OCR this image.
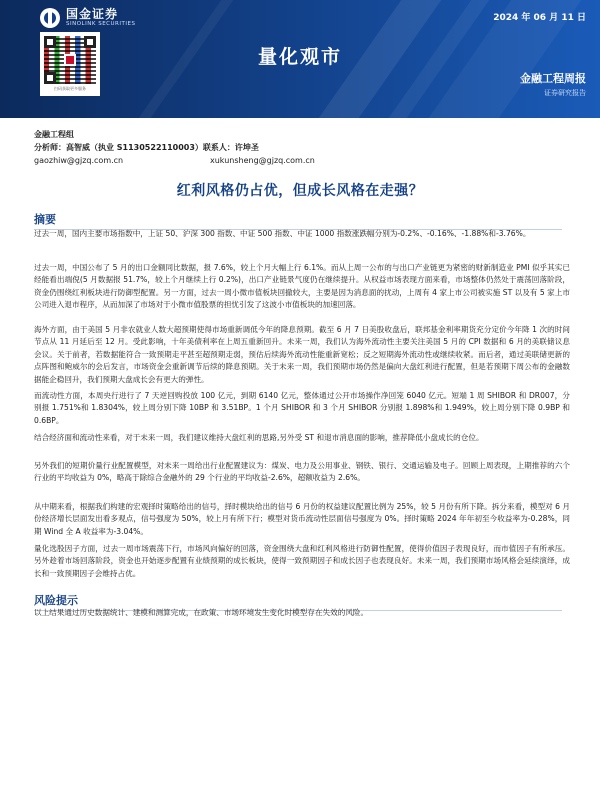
国金证券
SINOLINK SECURITIES
2024 年 06 月 11 日
扫码获取更多服务
量化观市
金融工程周报
证券研究报告
金融工程组
分析师： 高智威（执业 S1130522110003） 联系人： 许坤圣
gaozhiw@gjzq.com.cn	xukunsheng@gjzq.com.cn
红利风格仍占优，但成长风格在走强？
摘要

过去一周，国内主要市场指数中，上证 50、沪深 300 指数、中证 500 指数、中证 1000 指数涨跌幅分别为-0.2%、-0.16%、-1.88%和-3.76%。

过去一周，中国公布了 5 月的出口金额同比数据，报 7.6%，较上个月大幅上行 6.1%。而从上周一公布的与出口产业链更为紧密的财新制造业 PMI 似乎其实已经能看出端倪(5 月数据报 51.7%，较上个月继续上行 0.2%)，出口产业链景气度仍在继续提升。从权益市场表现方面来看，市场整体仍然处于震荡回落阶段，资金仍围绕红利板块进行防御型配置。另一方面，过去一周小微市值板块回撤较大，主要是因为消息面的扰动，上周有 4 家上市公司被实施 ST 以及有 5 家上市公司进入退市程序，从而加深了市场对于小微市值股票的担忧引发了这波小市值板块的加速回落。

海外方面，由于美国 5 月非农就业人数大超预期使得市场重新调低今年的降息预期。截至 6 月 7 日美股收盘后，联邦基金利率期货充分定价今年降 1 次的时间节点从 11 月延后至 12 月。受此影响，十年美债利率在上周五重新回升。未来一周，我们认为海外流动性主要关注美国 5 月的 CPI 数据和 6 月的美联储议息会议。关于前者，若数据能符合一致预期走平甚至超预期走弱，预估后续海外流动性能重新宽松；反之短期海外流动性或继续收紧。而后者，通过美联储更新的点阵图和鲍威尔的会后发言，市场资金会重新调节后续的降息预期。关于未来一周，我们预期市场仍然是偏向大盘红利进行配置，但是若预期下周公布的金融数据能企稳回升，我们预期大盘成长会有更大的弹性。

而流动性方面，本周央行进行了 7 天逆回购投放 100 亿元，到期 6140 亿元，整体通过公开市场操作净回笼 6040 亿元。短端 1 周 SHIBOR 和 DR007，分别报 1.751%和 1.8304%，较上周分别下降 10BP 和 3.51BP。1 个月 SHIBOR 和 3 个月 SHIBOR 分别报 1.898%和 1.949%，较上周分别下降 0.9BP 和 0.6BP。

结合经济面和流动性来看，对于未来一周，我们建议维持大盘红利的思路,另外受 ST 和退市消息面的影响，推荐降低小盘成长的仓位。

另外我们的短期价量行业配置模型，对未来一周给出行业配置建议为：煤炭、电力及公用事业、钢铁、银行、交通运输及电子。回顾上周表现，上期推荐的六个行业的平均收益为 0%，略高于除综合金融外的 29 个行业的平均收益-2.6%，超额收益为 2.6%。

从中期来看，根据我们构建的宏观择时策略给出的信号，择时模块给出的信号 6 月份的权益建议配置比例为 25%，较 5 月份有所下降。拆分来看，模型对 6 月份经济增长层面发出看多观点，信号强度为 50%，较上月有所下行；模型对货币流动性层面信号强度为 0%。择时策略 2024 年年初至今收益率为-0.28%，同期 Wind 全 A 收益率为-3.04%。

量化选股因子方面，过去一周市场震荡下行，市场风向偏好的回落，资金围绕大盘和红利风格进行防御性配置，使得价值因子表现良好，而市值因子有所承压。另外趁着市场回落阶段，资金也开始逐步配置有业绩预期的成长板块，使得一致预期因子和成长因子也表现良好。未来一周，我们预期市场风格会延续演绎，成长和一致预期因子会维持占优。

风险提示

以上结果通过历史数据统计、建模和测算完成，在政策、市场环境发生变化时模型存在失效的风险。
